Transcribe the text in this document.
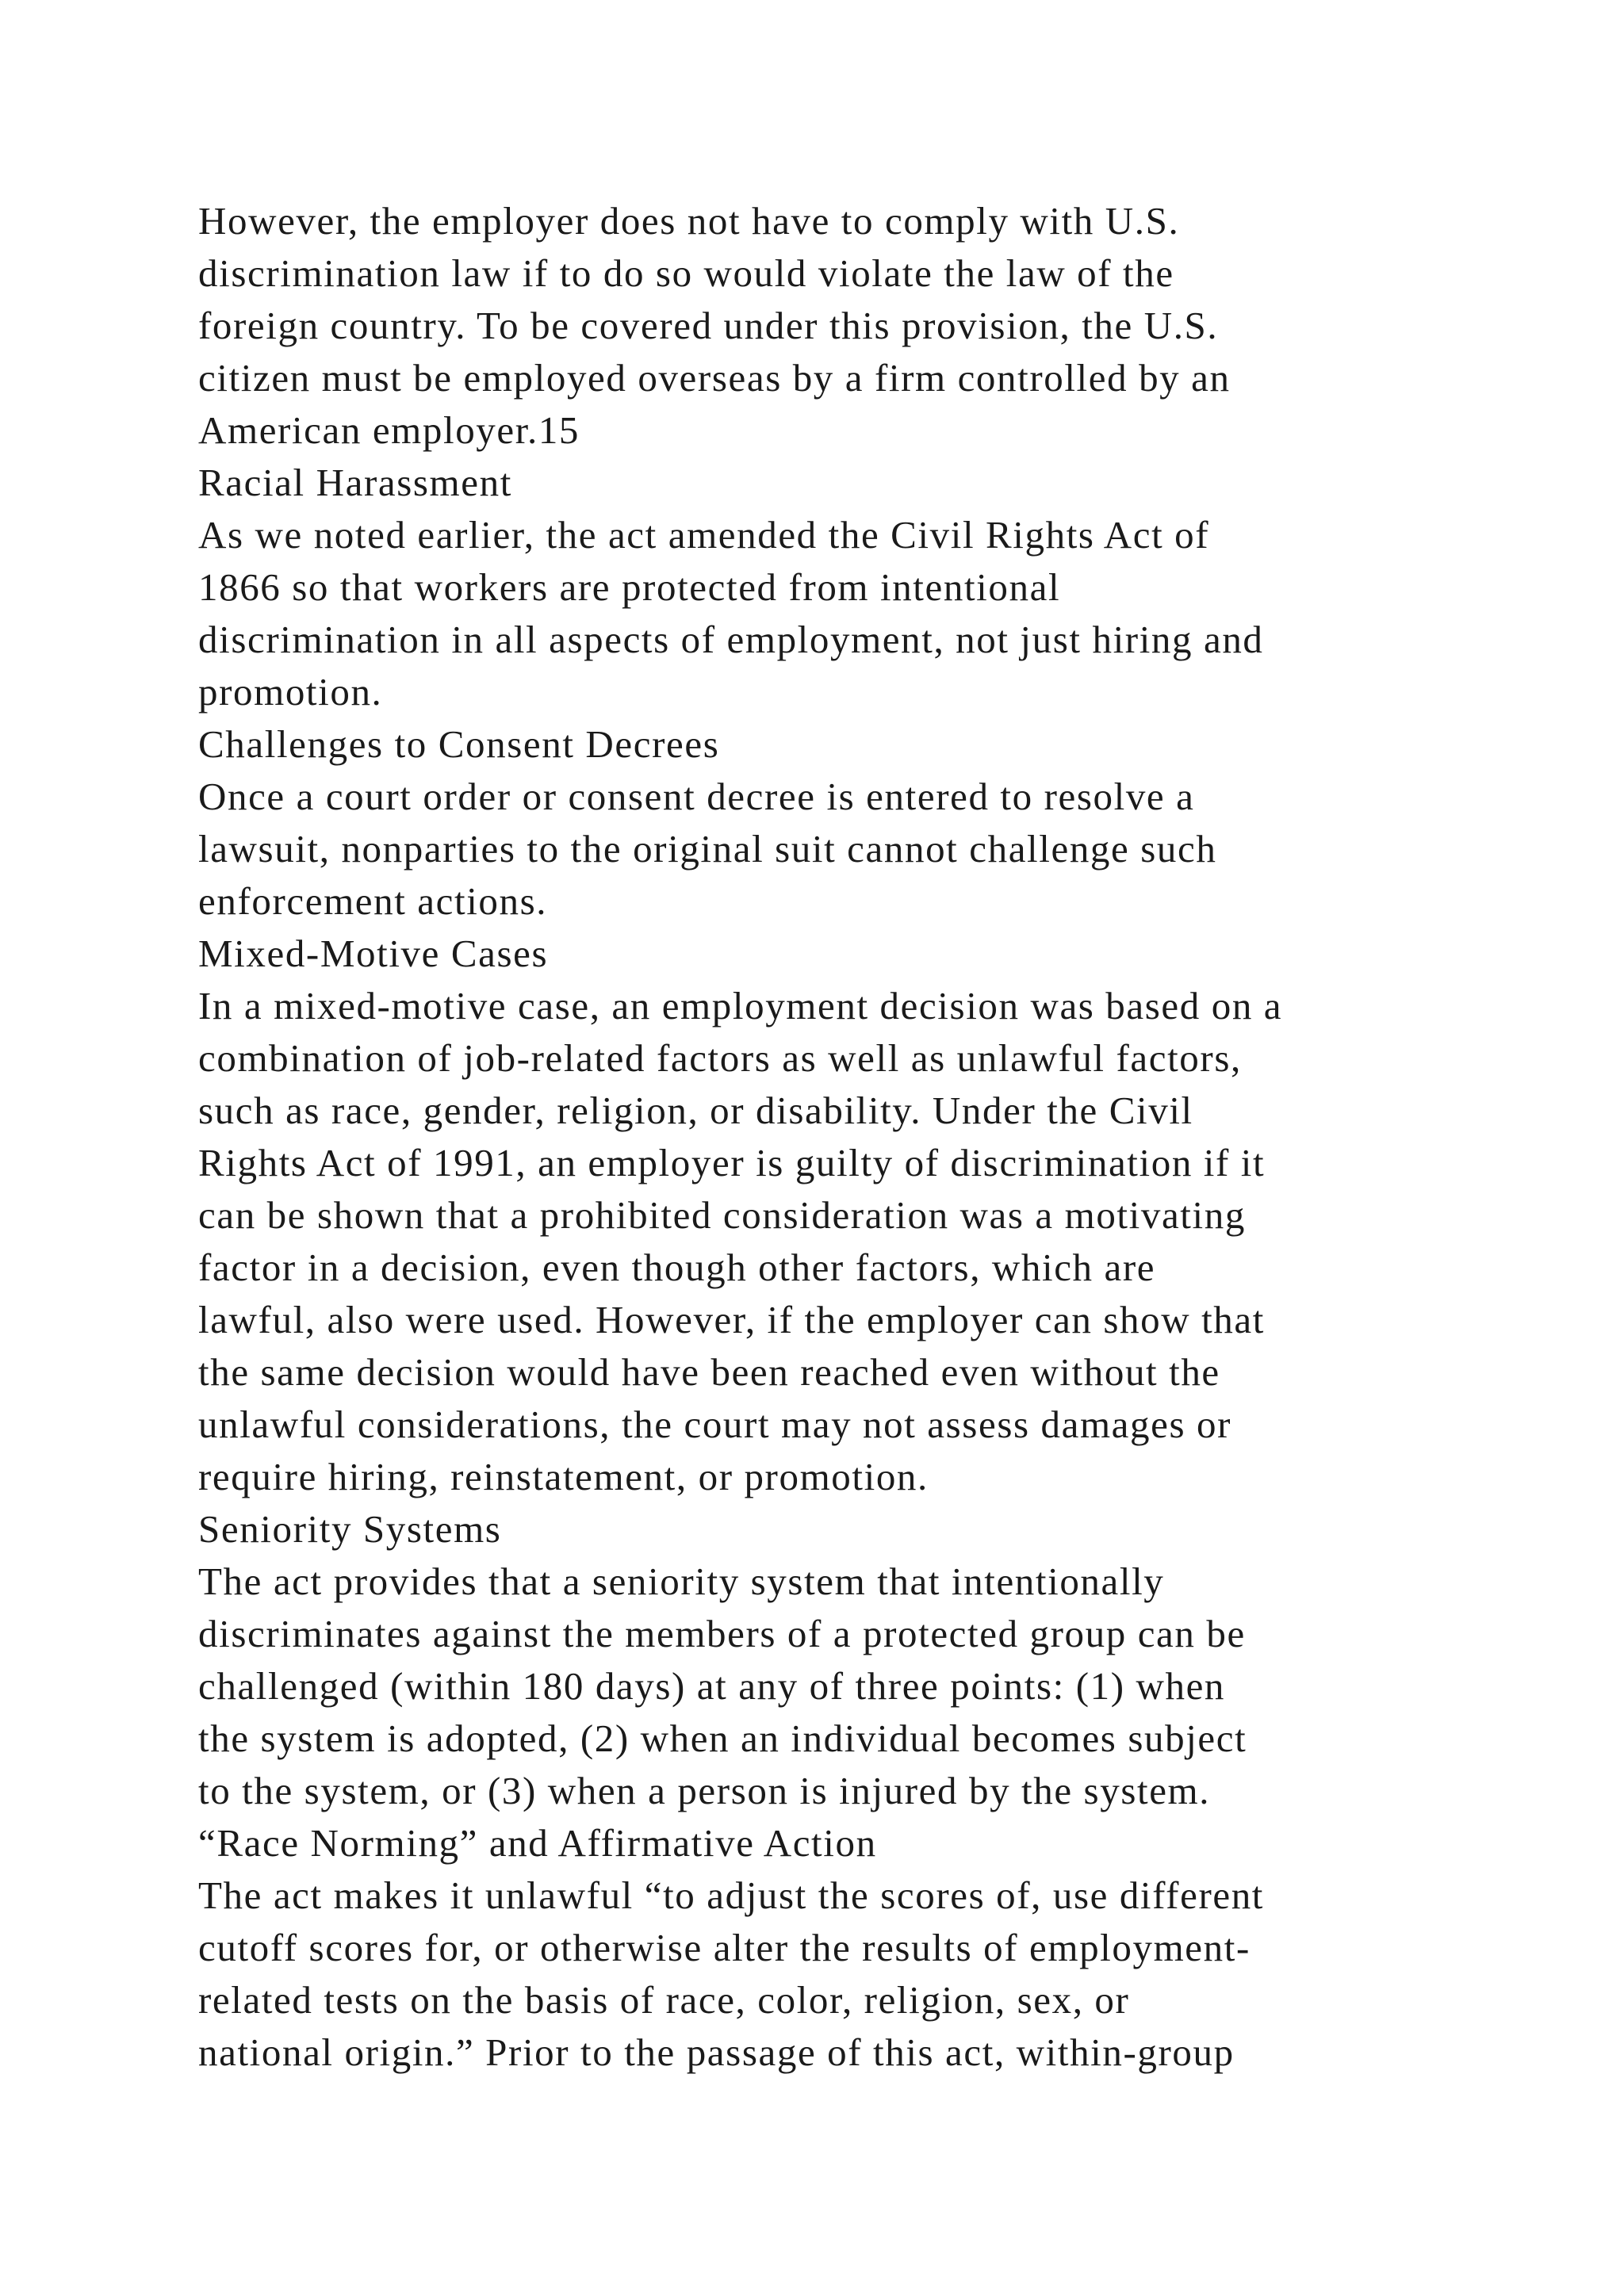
However, the employer does not have to comply with U.S.
discrimination law if to do so would violate the law of the
foreign country. To be covered under this provision, the U.S.
citizen must be employed overseas by a firm controlled by an
American employer.15
Racial Harassment
As we noted earlier, the act amended the Civil Rights Act of
1866 so that workers are protected from intentional
discrimination in all aspects of employment, not just hiring and
promotion.
Challenges to Consent Decrees
Once a court order or consent decree is entered to resolve a
lawsuit, nonparties to the original suit cannot challenge such
enforcement actions.
Mixed-Motive Cases
In a mixed-motive case, an employment decision was based on a
combination of job-related factors as well as unlawful factors,
such as race, gender, religion, or disability. Under the Civil
Rights Act of 1991, an employer is guilty of discrimination if it
can be shown that a prohibited consideration was a motivating
factor in a decision, even though other factors, which are
lawful, also were used. However, if the employer can show that
the same decision would have been reached even without the
unlawful considerations, the court may not assess damages or
require hiring, reinstatement, or promotion.
Seniority Systems
The act provides that a seniority system that intentionally
discriminates against the members of a protected group can be
challenged (within 180 days) at any of three points: (1) when
the system is adopted, (2) when an individual becomes subject
to the system, or (3) when a person is injured by the system.
“Race Norming” and Affirmative Action
The act makes it unlawful “to adjust the scores of, use different
cutoff scores for, or otherwise alter the results of employment-
related tests on the basis of race, color, religion, sex, or
national origin.” Prior to the passage of this act, within-group
